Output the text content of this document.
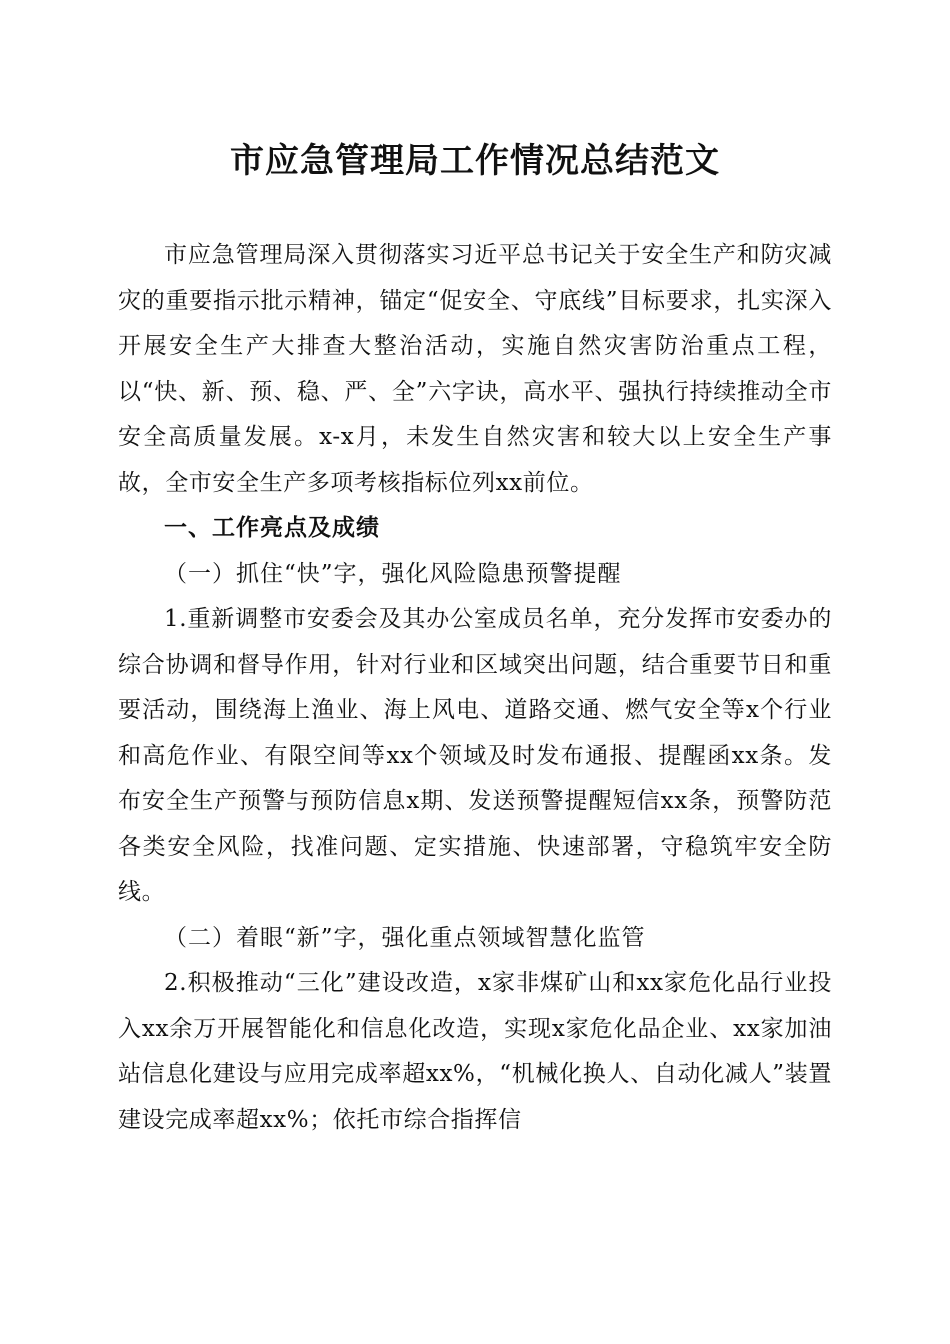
市应急管理局工作情况总结范文

市应急管理局深入贯彻落实习近平总书记关于安全生产和防灾减灾的重要指示批示精神，锚定“促安全、守底线”目标要求，扎实深入开展安全生产大排查大整治活动，实施自然灾害防治重点工程，以“快、新、预、稳、严、全”六字诀，高水平、强执行持续推动全市安全高质量发展。x-x月，未发生自然灾害和较大以上安全生产事故，全市安全生产多项考核指标位列xx前位。

一、工作亮点及成绩

（一）抓住“快”字，强化风险隐患预警提醒

1.重新调整市安委会及其办公室成员名单，充分发挥市安委办的综合协调和督导作用，针对行业和区域突出问题，结合重要节日和重要活动，围绕海上渔业、海上风电、道路交通、燃气安全等x个行业和高危作业、有限空间等xx个领域及时发布通报、提醒函xx条。发布安全生产预警与预防信息x期、发送预警提醒短信xx条，预警防范各类安全风险，找准问题、定实措施、快速部署，守稳筑牢安全防线。

（二）着眼“新”字，强化重点领域智慧化监管

2.积极推动“三化”建设改造，x家非煤矿山和xx家危化品行业投入xx余万开展智能化和信息化改造，实现x家危化品企业、xx家加油站信息化建设与应用完成率超xx%，“机械化换人、自动化减人”装置建设完成率超xx%；依托市综合指挥信
